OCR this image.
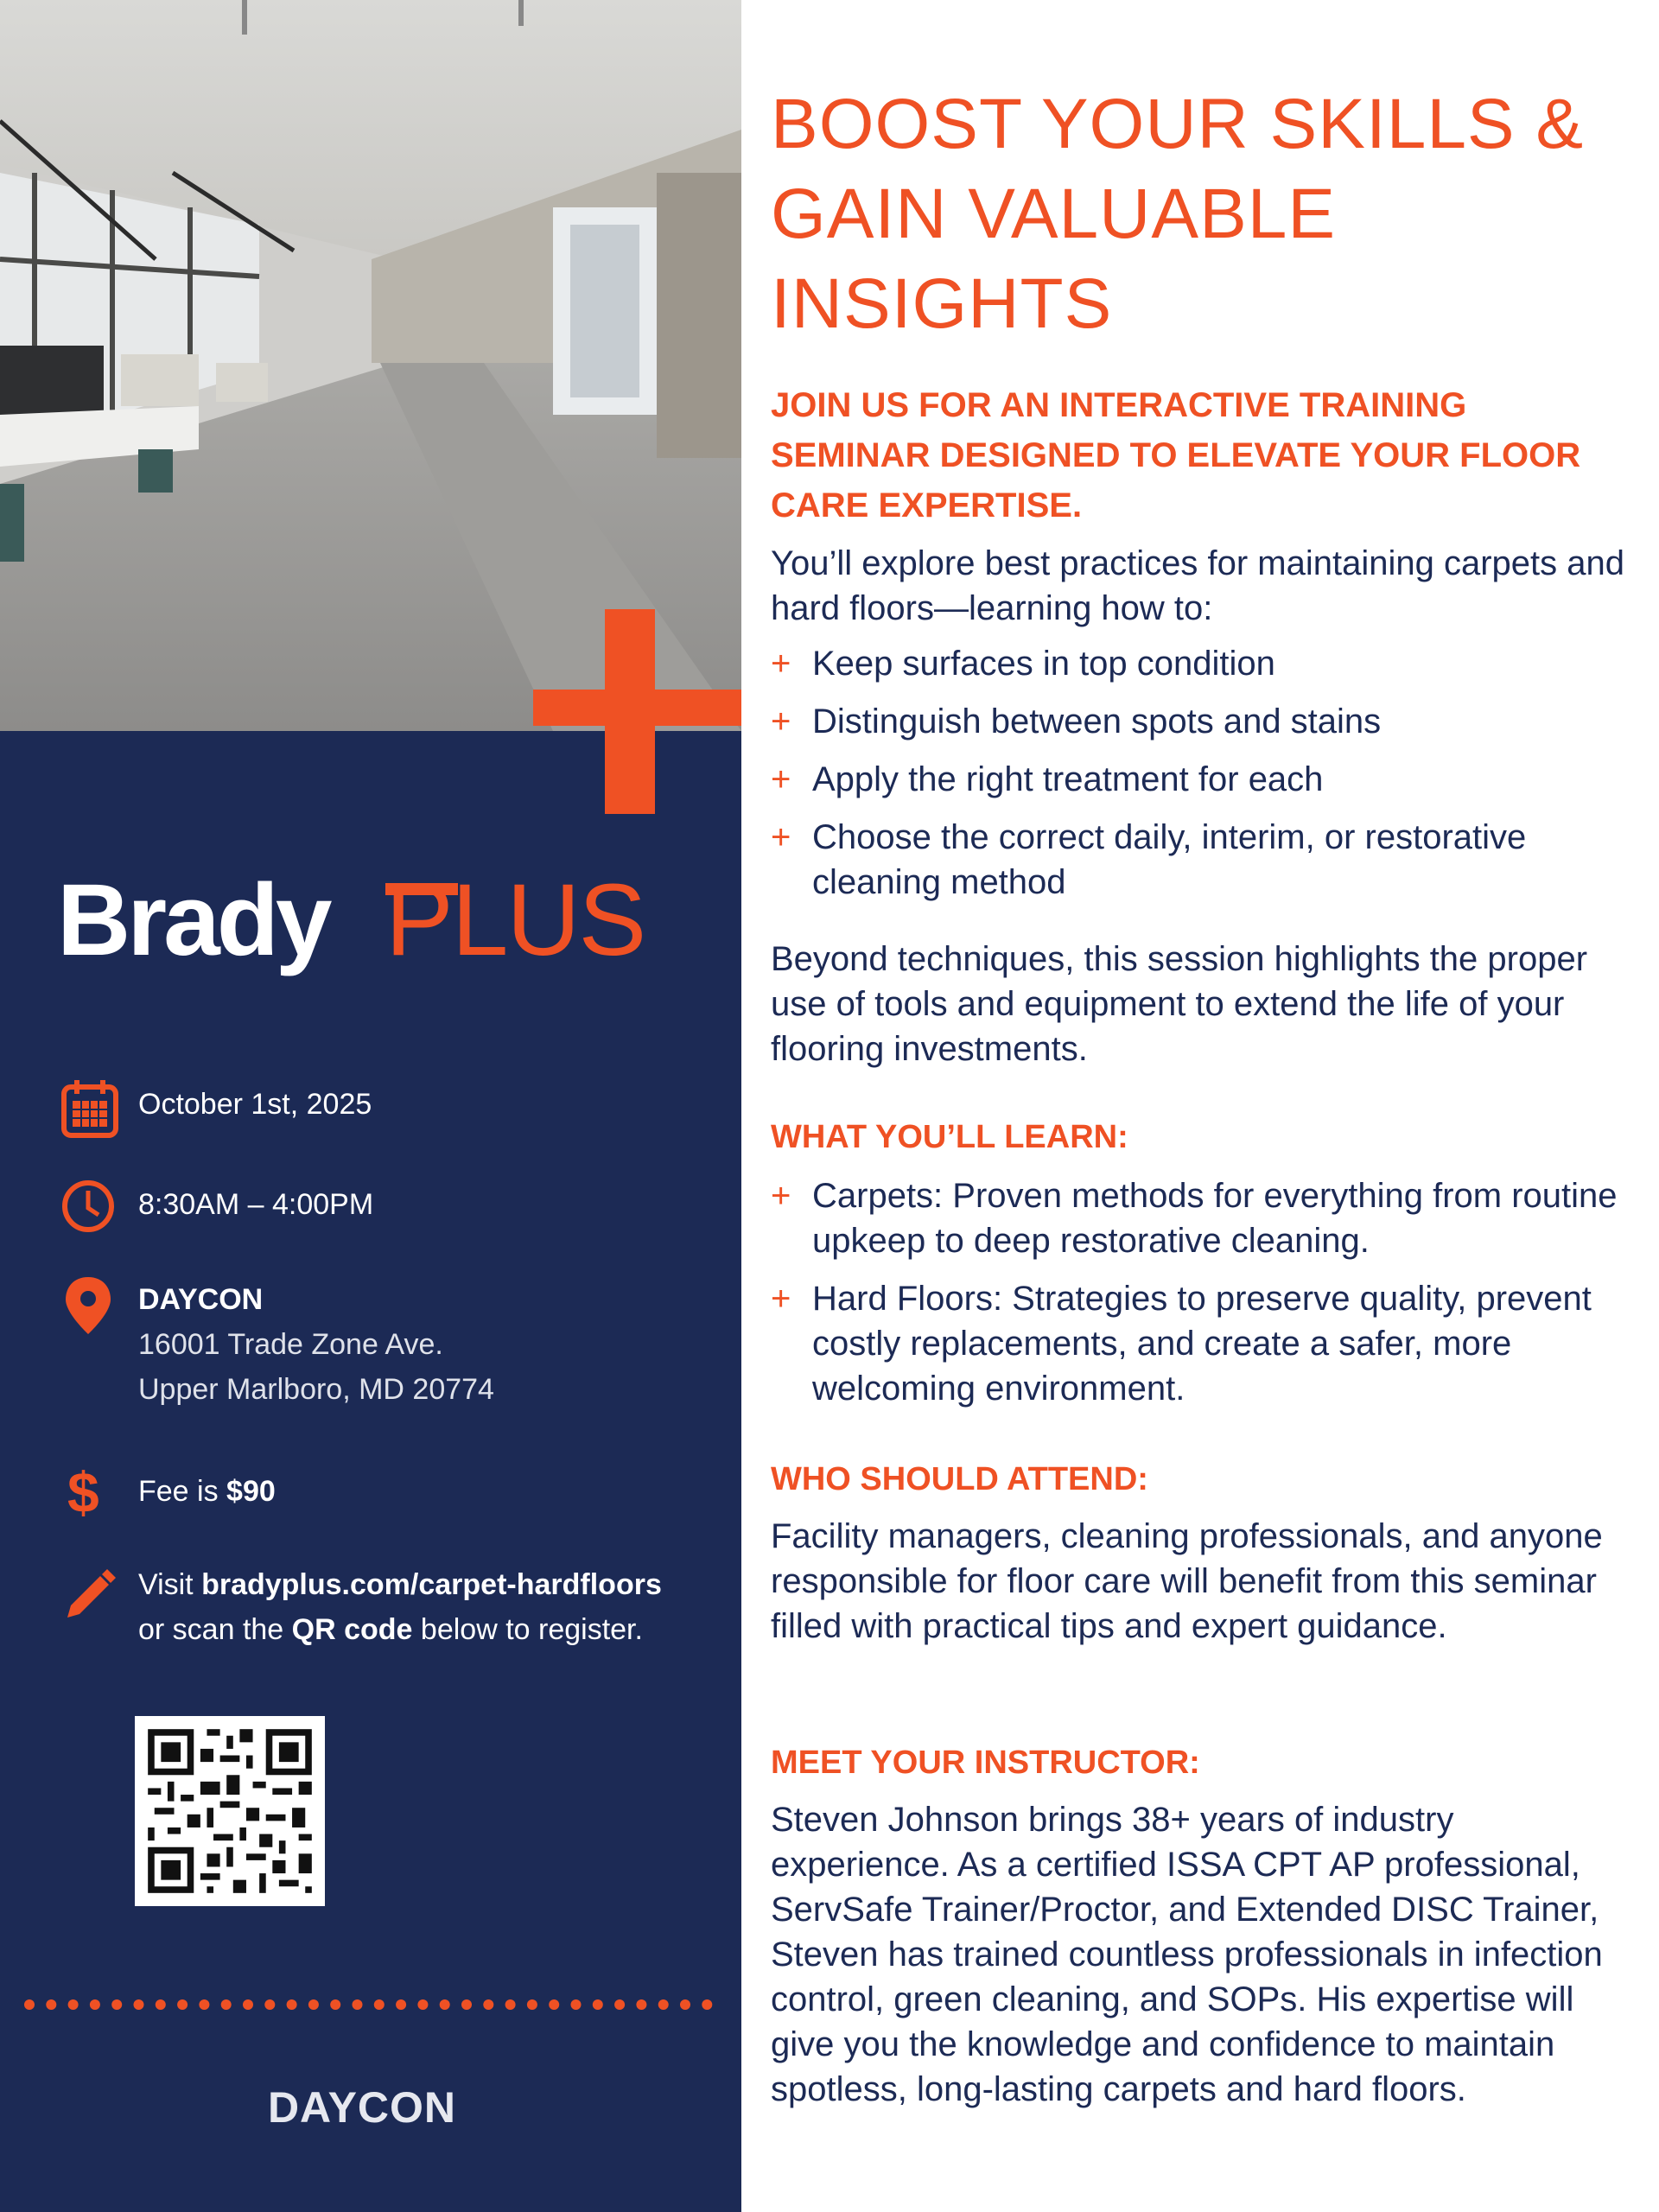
Brady PLUS
October 1st, 2025
8:30AM – 4:00PM
DAYCON
16001 Trade Zone Ave.
Upper Marlboro, MD 20774
$ Fee is $90
Visit bradyplus.com/carpet-hardfloors
or scan the QR code below to register.
DAYCON
BOOST YOUR SKILLS & GAIN VALUABLE INSIGHTS

JOIN US FOR AN INTERACTIVE TRAINING SEMINAR DESIGNED TO ELEVATE YOUR FLOOR CARE EXPERTISE.

You’ll explore best practices for maintaining carpets and hard floors—learning how to:

+ Keep surfaces in top condition
+ Distinguish between spots and stains
+ Apply the right treatment for each
+ Choose the correct daily, interim, or restorative cleaning method

Beyond techniques, this session highlights the proper use of tools and equipment to extend the life of your flooring investments.

WHAT YOU’LL LEARN:

+ Carpets: Proven methods for everything from routine upkeep to deep restorative cleaning.
+ Hard Floors: Strategies to preserve quality, prevent costly replacements, and create a safer, more welcoming environment.

WHO SHOULD ATTEND:

Facility managers, cleaning professionals, and anyone responsible for floor care will benefit from this seminar filled with practical tips and expert guidance.

MEET YOUR INSTRUCTOR:

Steven Johnson brings 38+ years of industry experience. As a certified ISSA CPT AP professional, ServSafe Trainer/Proctor, and Extended DISC Trainer, Steven has trained countless professionals in infection control, green cleaning, and SOPs. His expertise will give you the knowledge and confidence to maintain spotless, long-lasting carpets and hard floors.
